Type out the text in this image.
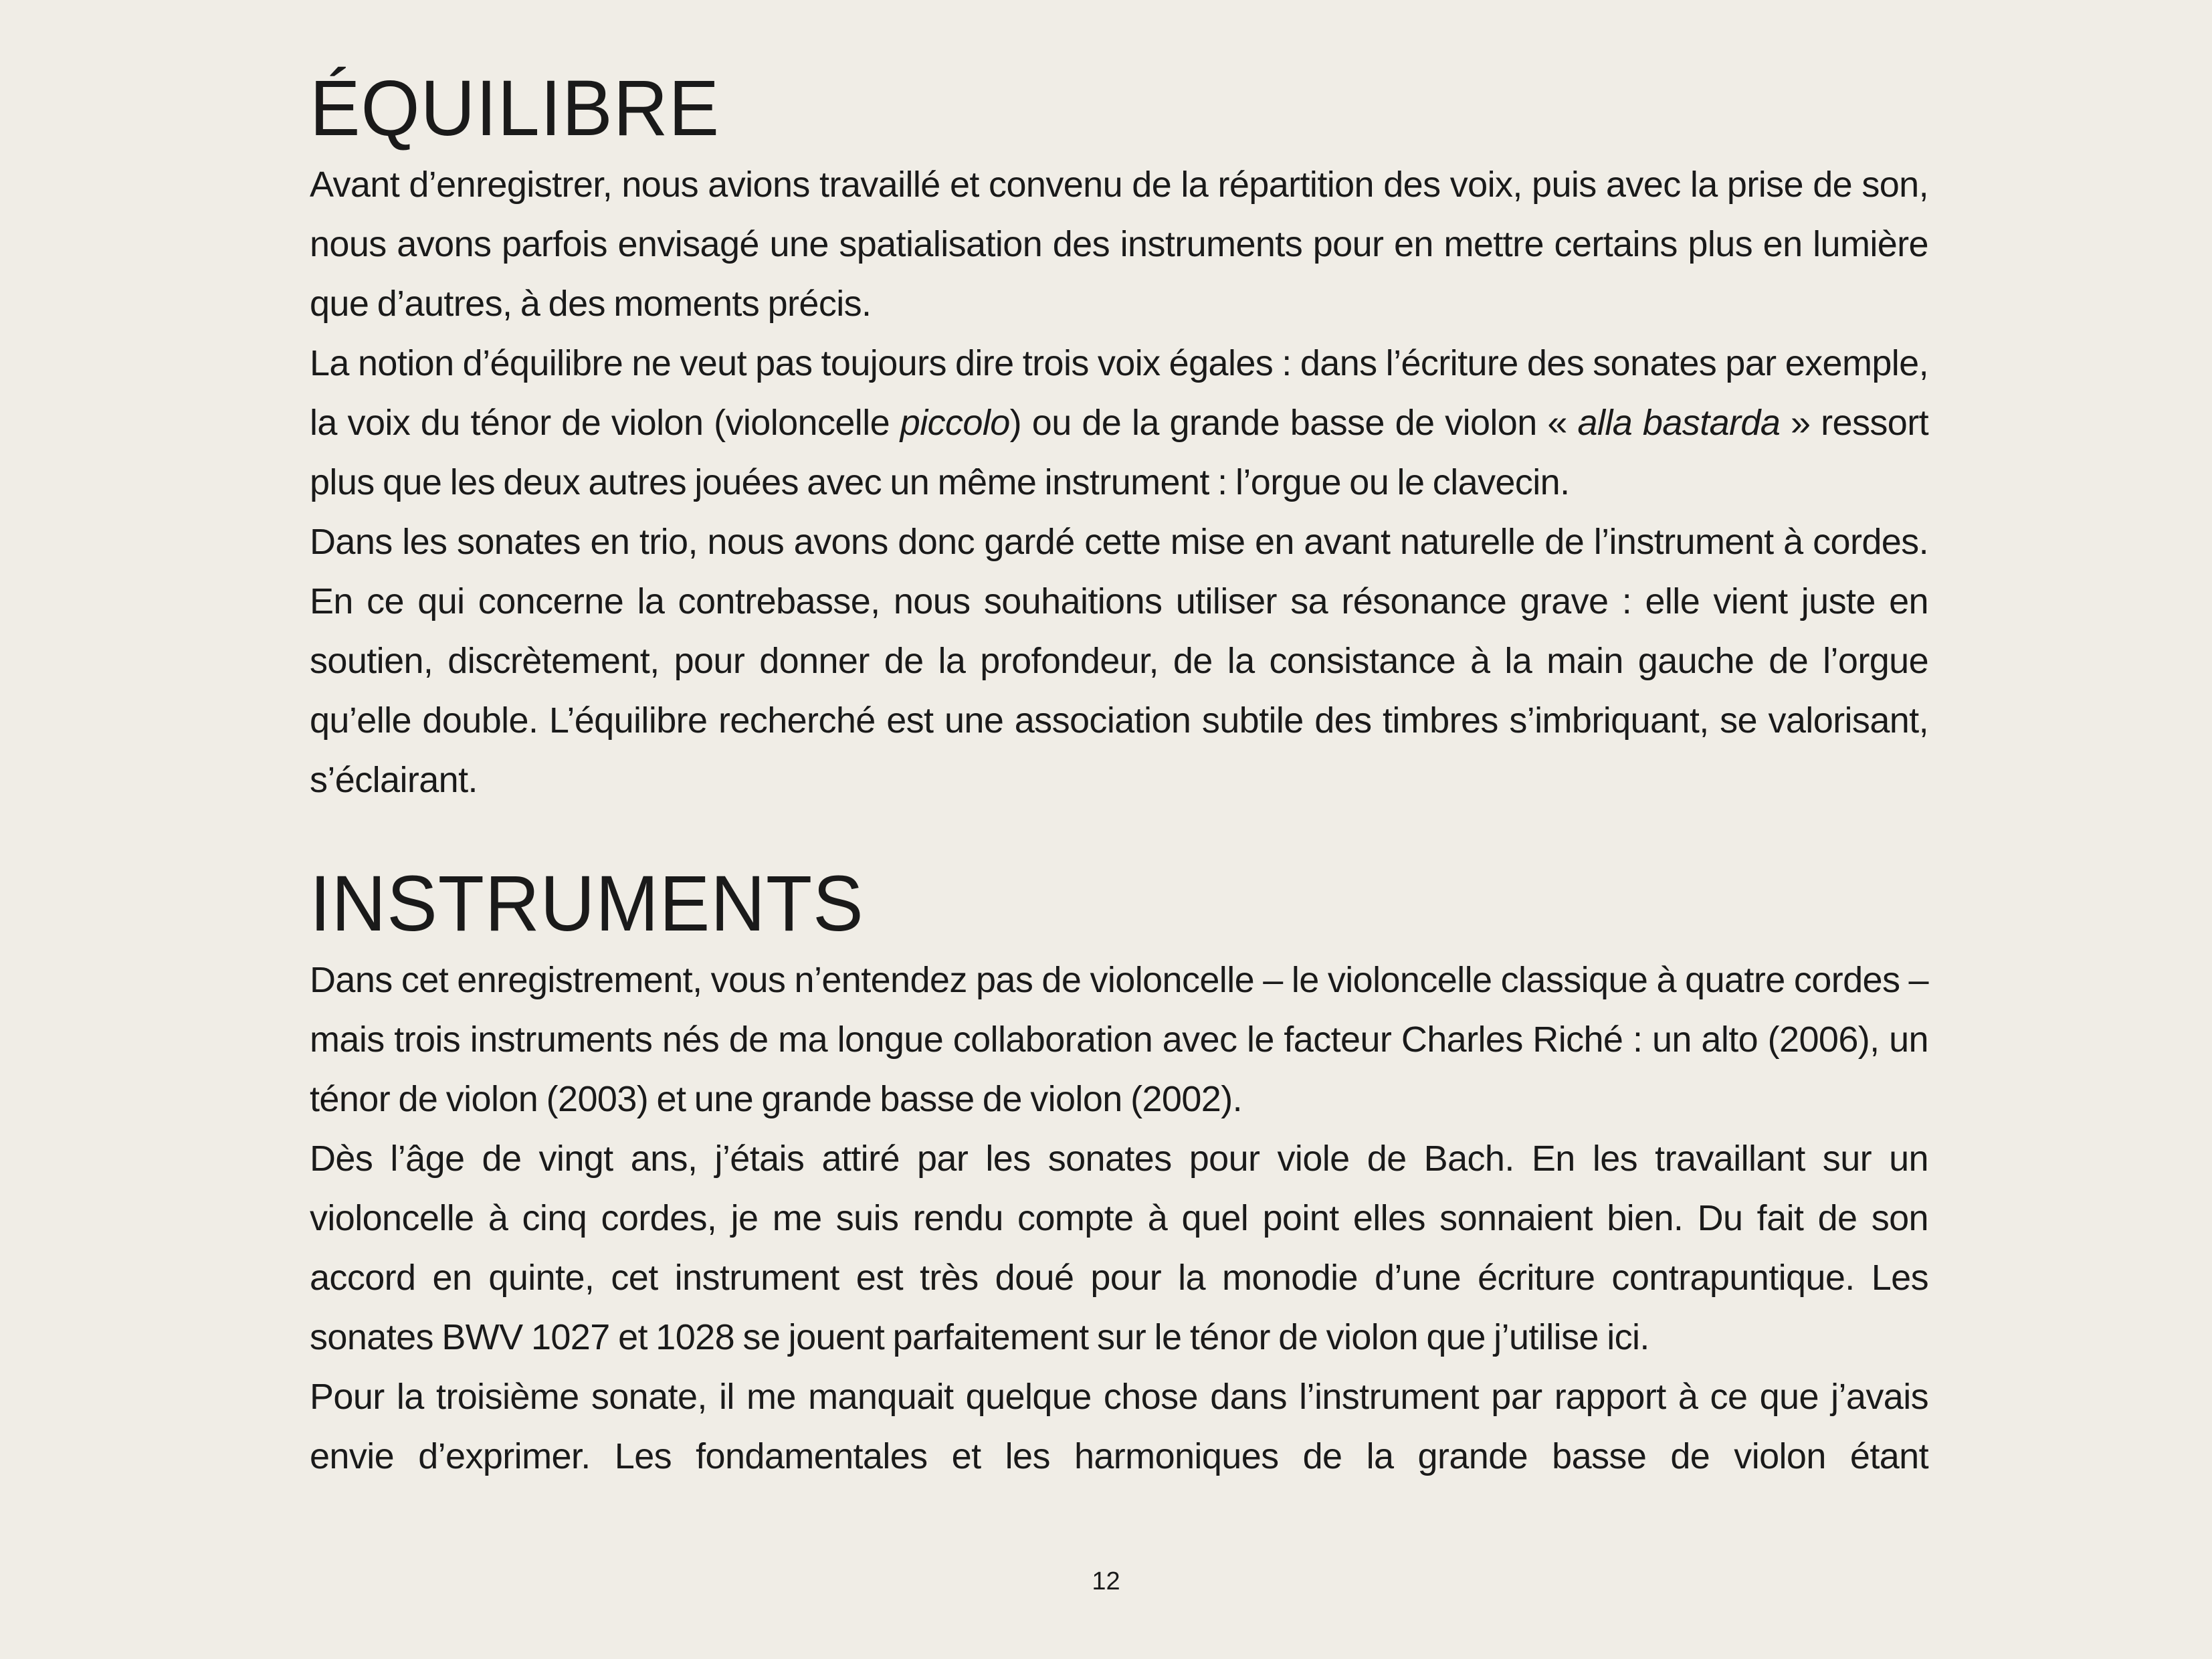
ÉQUILIBRE

Avant d’enregistrer, nous avions travaillé et convenu de la répartition des voix, puis avec la prise de son, nous avons parfois envisagé une spatialisation des instruments pour en mettre certains plus en lumière que d’autres, à des moments précis.

La notion d’équilibre ne veut pas toujours dire trois voix égales : dans l’écriture des sonates par exemple, la voix du ténor de violon (violoncelle piccolo) ou de la grande basse de violon « alla bastarda » ressort plus que les deux autres jouées avec un même instrument : l’orgue ou le clavecin.

Dans les sonates en trio, nous avons donc gardé cette mise en avant naturelle de l’instrument à cordes. En ce qui concerne la contrebasse, nous souhaitions utiliser sa résonance grave : elle vient juste en soutien, discrètement, pour donner de la profondeur, de la consistance à la main gauche de l’orgue qu’elle double. L’équilibre recherché est une association subtile des timbres s’imbriquant, se valorisant, s’éclairant.

INSTRUMENTS

Dans cet enregistrement, vous n’entendez pas de violoncelle – le violoncelle classique à quatre cordes – mais trois instruments nés de ma longue collaboration avec le facteur Charles Riché : un alto (2006), un ténor de violon (2003) et une grande basse de violon (2002).

Dès l’âge de vingt ans, j’étais attiré par les sonates pour viole de Bach. En les travaillant sur un violoncelle à cinq cordes, je me suis rendu compte à quel point elles sonnaient bien. Du fait de son accord en quinte, cet instrument est très doué pour la monodie d’une écriture contrapuntique. Les sonates BWV 1027 et 1028 se jouent parfaitement sur le ténor de violon que j’utilise ici.

Pour la troisième sonate, il me manquait quelque chose dans l’instrument par rapport à ce que j’avais envie d’exprimer. Les fondamentales et les harmoniques de la grande basse de violon étant

12
